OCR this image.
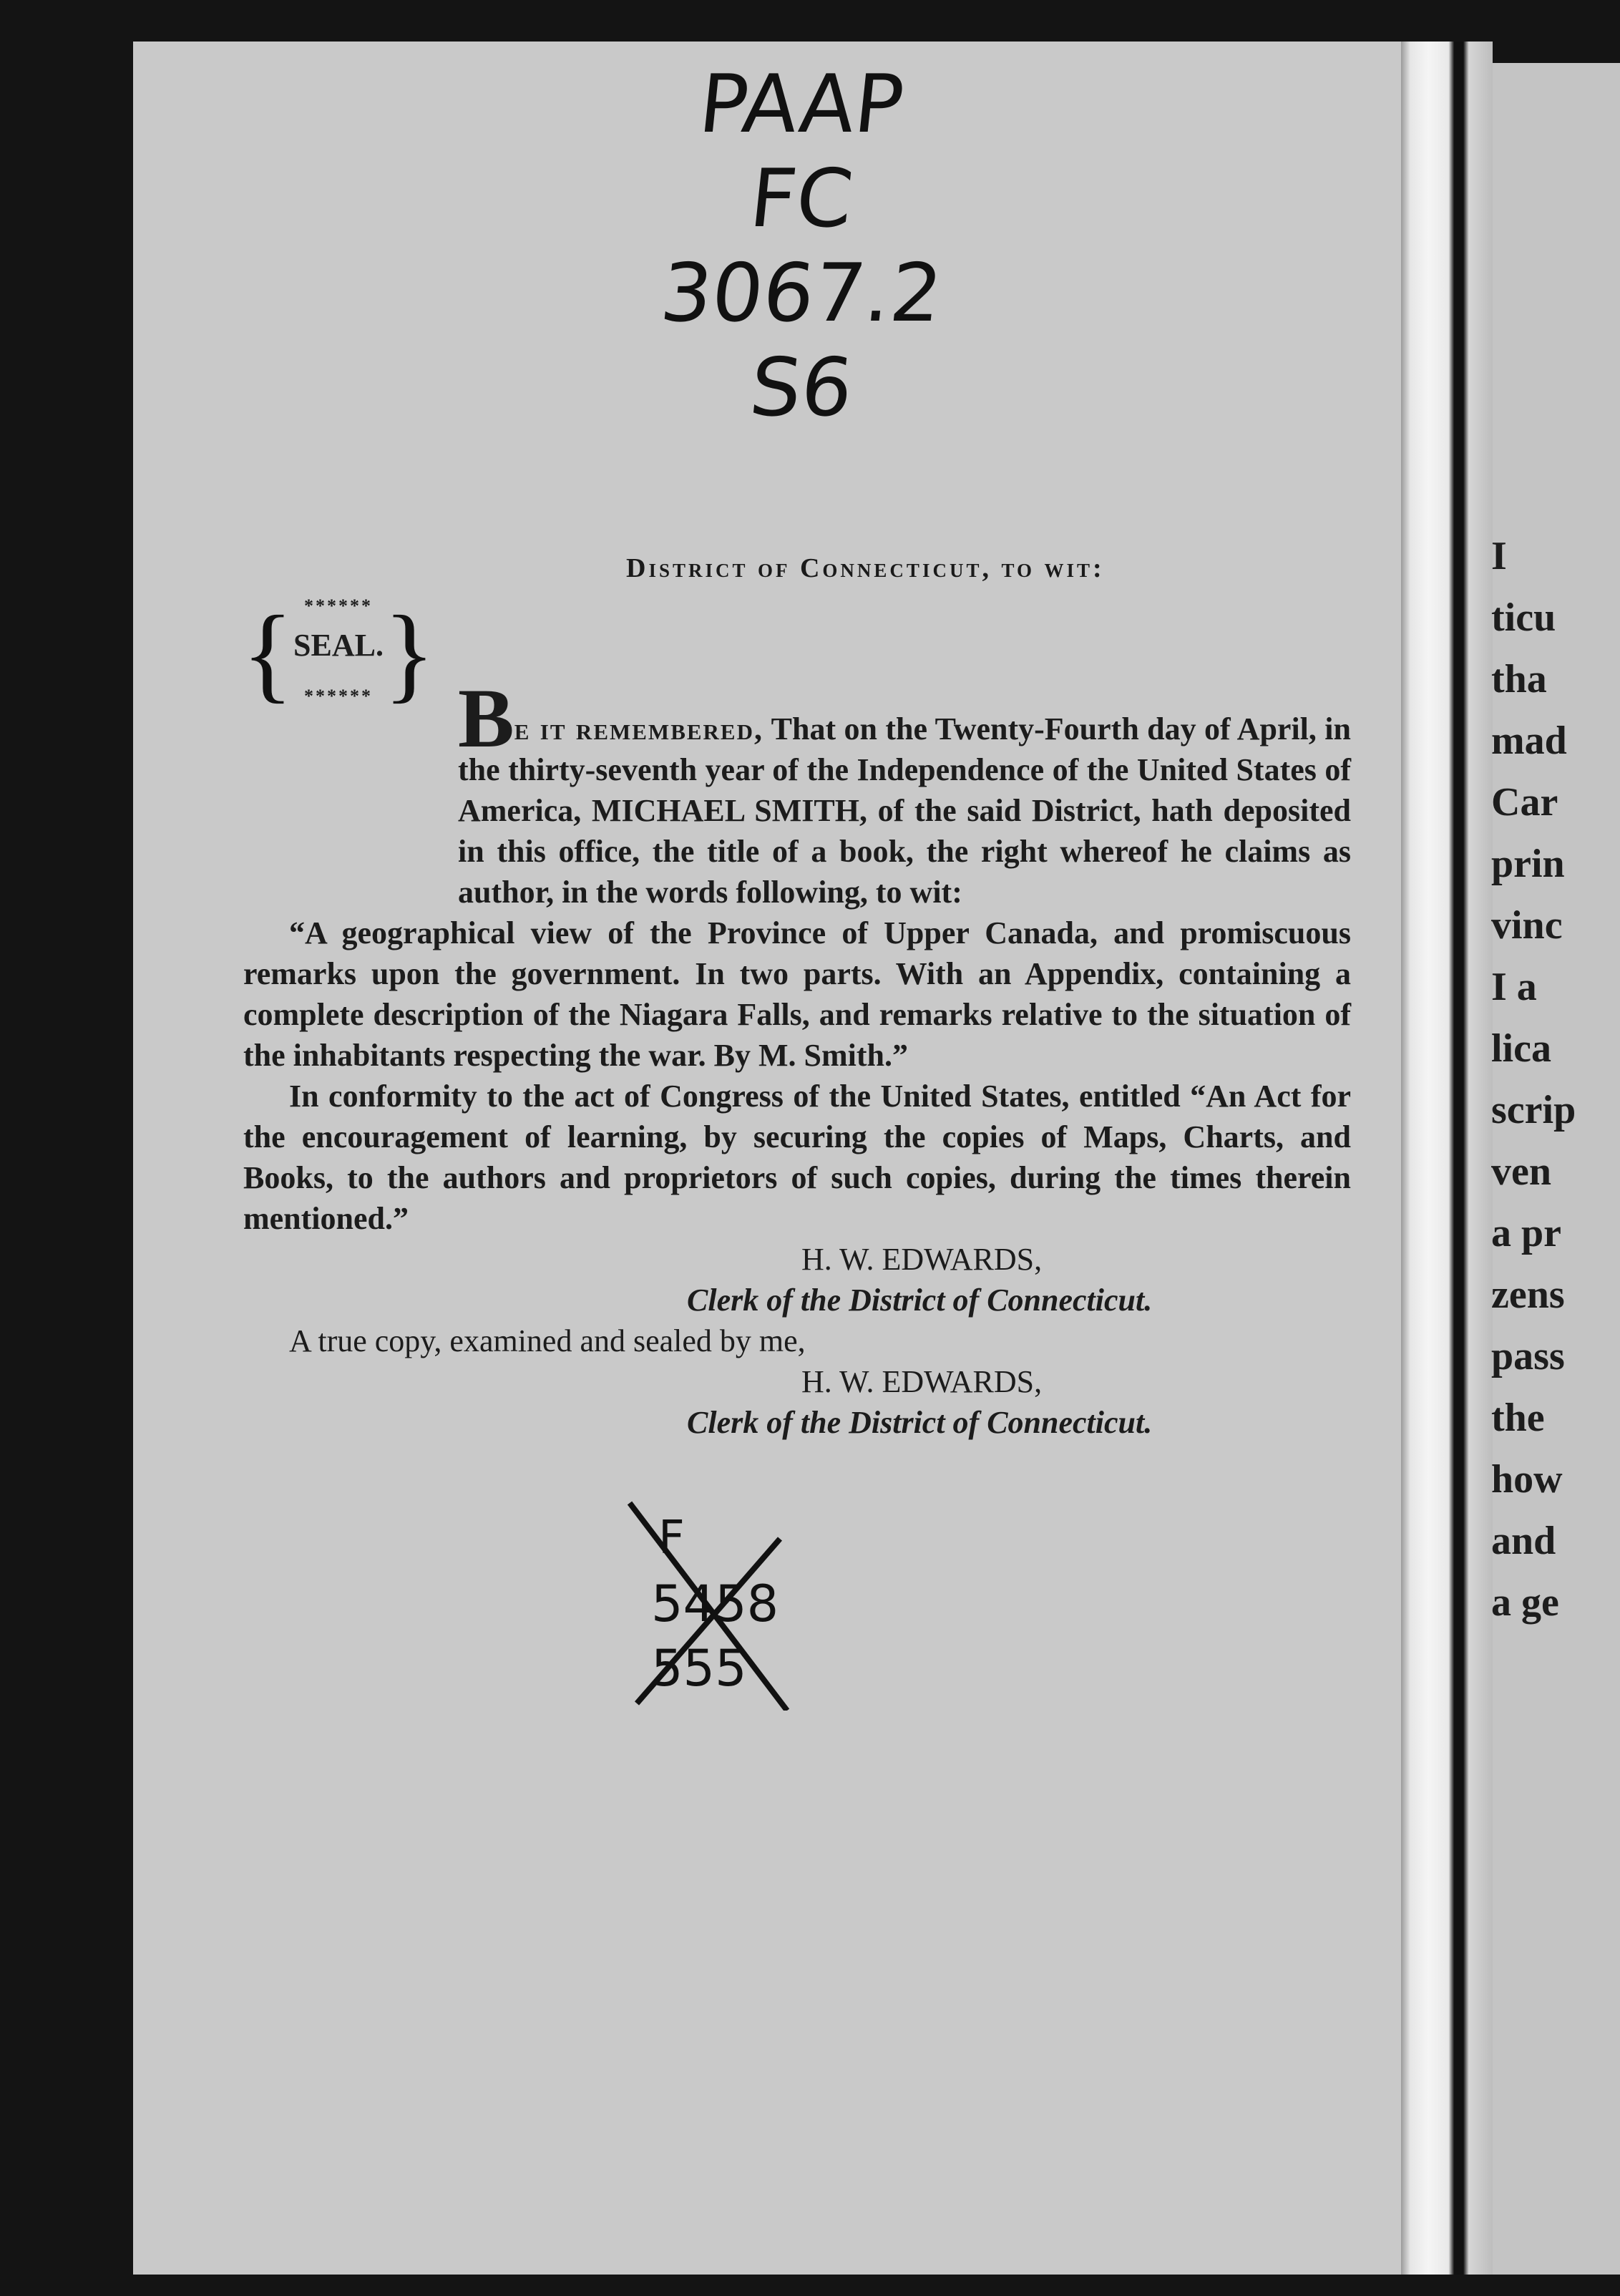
PAAP
FC
3067.2
S6
District of Connecticut, to wit:
{ }
******
SEAL.
******	Be it remembered, That on the Twenty-Fourth day of April, in the thirty-seventh year of the Independence of the United States of America, MICHAEL SMITH, of the said District, hath deposited in this office, the title of a book, the right whereof he claims as author, in the words following, to wit:

“A geographical view of the Province of Upper Canada, and promiscuous remarks upon the government. In two parts. With an Appendix, containing a complete description of the Niagara Falls, and remarks relative to the situation of the inhabitants respecting the war. By M. Smith.”

In conformity to the act of Congress of the United States, entitled “An Act for the encouragement of learning, by securing the copies of Maps, Charts, and Books, to the authors and proprietors of such copies, during the times therein mentioned.”

H. W. EDWARDS,

Clerk of the District of Connecticut.

A true copy, examined and sealed by me,

H. W. EDWARDS,

Clerk of the District of Connecticut.

F
5458
555
I
ticu
tha
mad
Car
prin
vinc
I a
lica
scrip
ven
a pr
zens
pass
the
how
and
a ge
